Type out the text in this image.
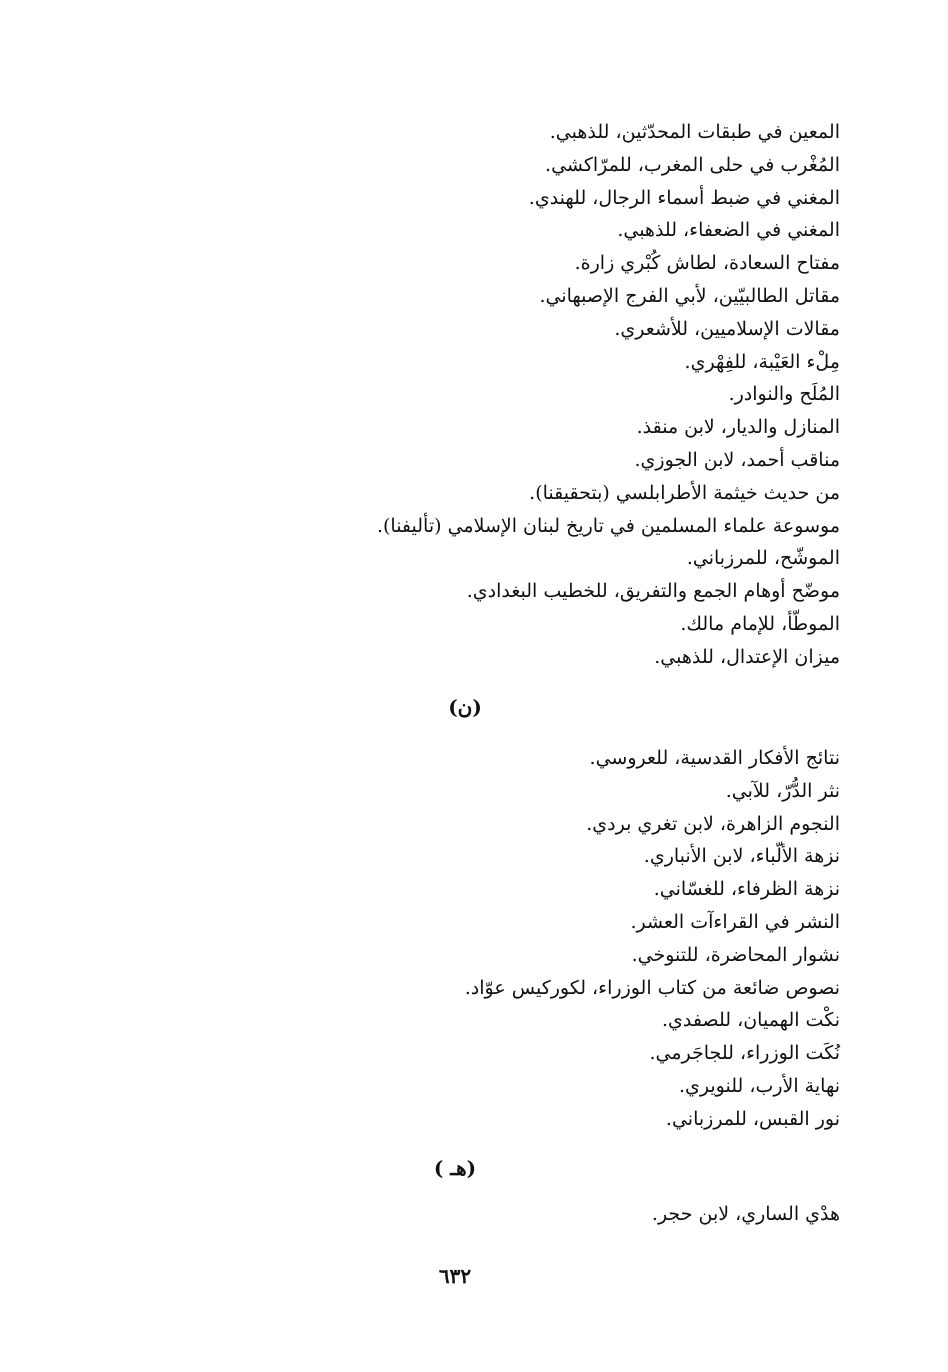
المعين في طبقات المحدّثين، للذهبي.

المُغْرب في حلى المغرب، للمرّاكشي.

المغني في ضبط أسماء الرجال، للهندي.

المغني في الضعفاء، للذهبي.

مفتاح السعادة، لطاش كُبْري زارة.

مقاتل الطالبيّين، لأبي الفرج الإصبهاني.

مقالات الإسلاميين، للأشعري.

مِلْء العَيْبة، للفِهْري.

المُلَح والنوادر.

المنازل والديار، لابن منقذ.

مناقب أحمد، لابن الجوزي.

من حديث خيثمة الأطرابلسي (بتحقيقنا).

موسوعة علماء المسلمين في تاريخ لبنان الإسلامي (تأليفنا).

الموشّح، للمرزباني.

موضّح أوهام الجمع والتفريق، للخطيب البغدادي.

الموطّأ، للإمام مالك.

ميزان الإعتدال، للذهبي.

(ن)

نتائج الأفكار القدسية، للعروسي.

نثر الدُّرّ، للآبي.

النجوم الزاهرة، لابن تغري بردي.

نزهة الألّباء، لابن الأنباري.

نزهة الظرفاء، للغسّاني.

النشر في القراءآت العشر.

نشوار المحاضرة، للتنوخي.

نصوص ضائعة من كتاب الوزراء، لكوركيس عوّاد.

نكْت الهميان، للصفدي.

نُكَت الوزراء، للجاجَرمي.

نهاية الأرب، للنويري.

نور القبس، للمرزباني.

(هـ )

هدْي الساري، لابن حجر.

٦٣٢
